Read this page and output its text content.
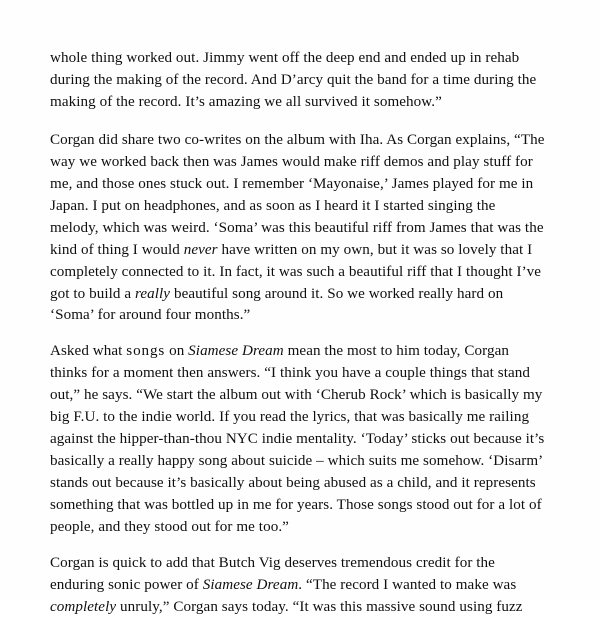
whole thing worked out. Jimmy went off the deep end and ended up in rehab during the making of the record. And D’arcy quit the band for a time during the making of the record. It’s amazing we all survived it somehow.”

Corgan did share two co-writes on the album with Iha. As Corgan explains, “The way we worked back then was James would make riff demos and play stuff for me, and those ones stuck out. I remember ‘Mayonaise,’ James played for me in Japan. I put on headphones, and as soon as I heard it I started singing the melody, which was weird. ‘Soma’ was this beautiful riff from James that was the kind of thing I would never have written on my own, but it was so lovely that I completely connected to it. In fact, it was such a beautiful riff that I thought I’ve got to build a really beautiful song around it. So we worked really hard on ‘Soma’ for around four months.”

Asked what songs on Siamese Dream mean the most to him today, Corgan thinks for a moment then answers. “I think you have a couple things that stand out,” he says. “We start the album out with ‘Cherub Rock’ which is basically my big F.U. to the indie world. If you read the lyrics, that was basically me railing against the hipper-than-thou NYC indie mentality. ‘Today’ sticks out because it’s basically a really happy song about suicide – which suits me somehow. ‘Disarm’ stands out because it’s basically about being abused as a child, and it represents something that was bottled up in me for years. Those songs stood out for a lot of people, and they stood out for me too.”

Corgan is quick to add that Butch Vig deserves tremendous credit for the enduring sonic power of Siamese Dream. “The record I wanted to make was completely unruly,” Corgan says today. “It was this massive sound using fuzz
